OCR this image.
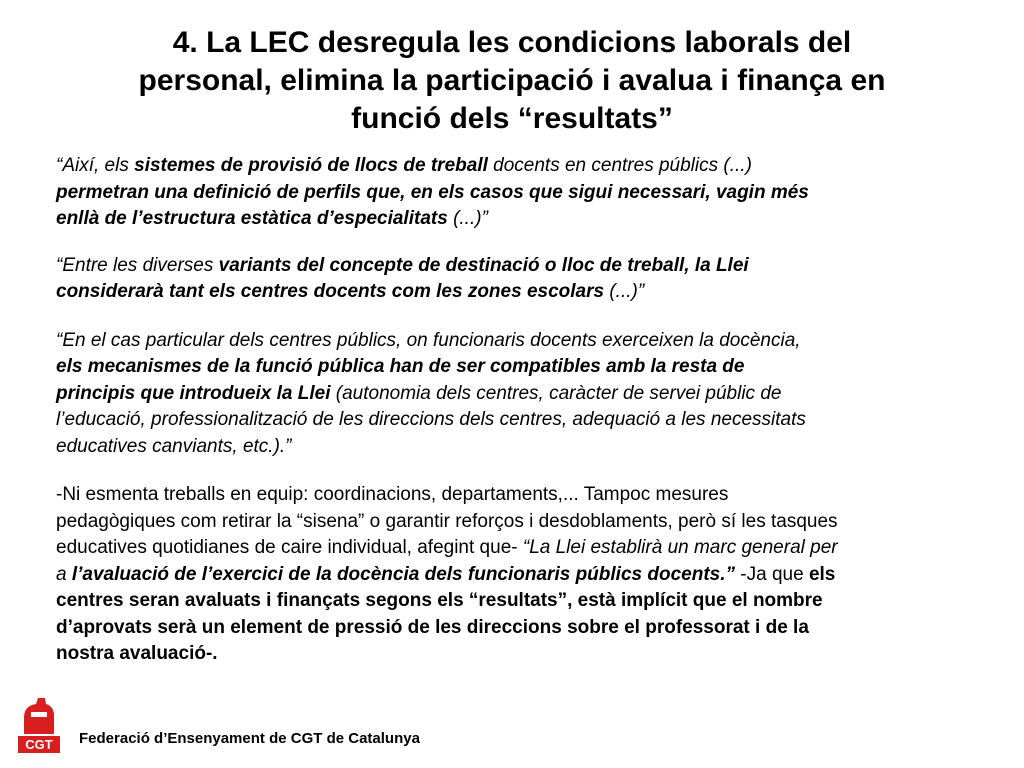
4. La LEC desregula les condicions laborals del
personal, elimina la participació i avalua i finança en
funció dels “resultats”

“Així, els sistemes de provisió de llocs de treball docents en centres públics (...)
permetran una definició de perfils que, en els casos que sigui necessari, vagin més
enllà de l’estructura estàtica d’especialitats (...)”

“Entre les diverses variants del concepte de destinació o lloc de treball, la Llei
considerarà tant els centres docents com les zones escolars (...)”

“En el cas particular dels centres públics, on funcionaris docents exerceixen la docència,
els mecanismes de la funció pública han de ser compatibles amb la resta de
principis que introdueix la Llei (autonomia dels centres, caràcter de servei públic de
l’educació, professionalització de les direccions dels centres, adequació a les necessitats
educatives canviants, etc.).”

-Ni esmenta treballs en equip: coordinacions, departaments,... Tampoc mesures
pedagògiques com retirar la “sisena” o garantir reforços i desdoblaments, però sí les tasques
educatives quotidianes de caire individual, afegint que- “La Llei establirà un marc general per
a l’avaluació de l’exercici de la docència dels funcionaris públics docents.” -Ja que els
centres seran avaluats i finançats segons els “resultats”, està implícit que el nombre
d’aprovats serà un element de pressió de les direccions sobre el professorat i de la
nostra avaluació-.

CGT Federació d’Ensenyament de CGT de Catalunya
